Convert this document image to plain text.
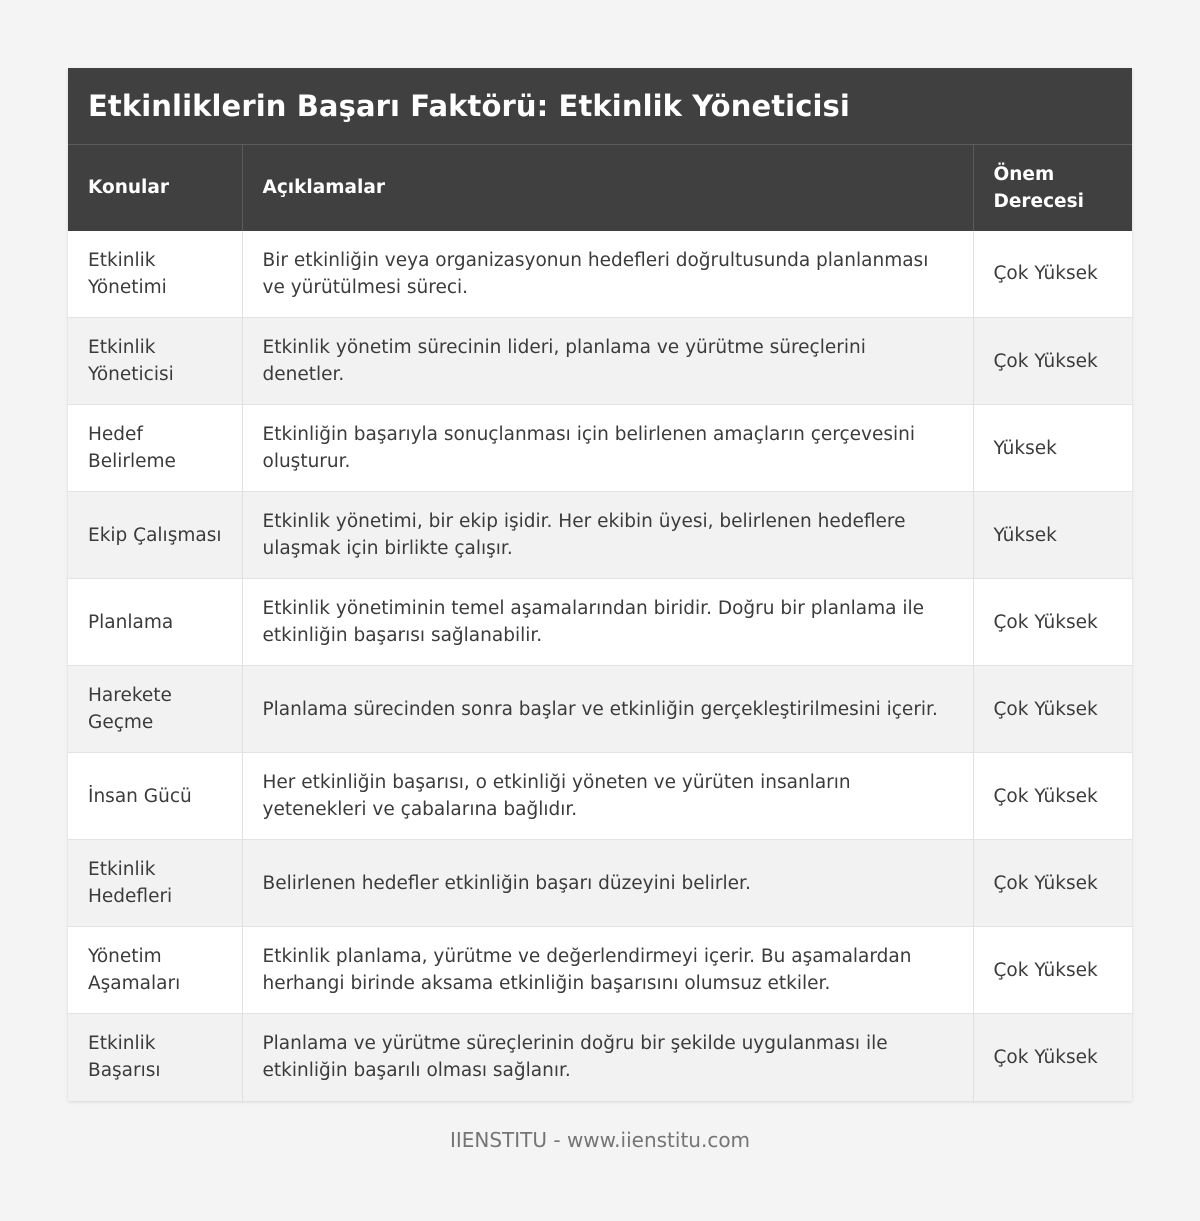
Etkinliklerin Başarı Faktörü: Etkinlik Yöneticisi
Konular	Açıklamalar	Önem Derecesi
Etkinlik Yönetimi	Bir etkinliğin veya organizasyonun hedefleri doğrultusunda planlanması ve yürütülmesi süreci.	Çok Yüksek
Etkinlik Yöneticisi	Etkinlik yönetim sürecinin lideri, planlama ve yürütme süreçlerini denetler.	Çok Yüksek
Hedef Belirleme	Etkinliğin başarıyla sonuçlanması için belirlenen amaçların çerçevesini oluşturur.	Yüksek
Ekip Çalışması	Etkinlik yönetimi, bir ekip işidir. Her ekibin üyesi, belirlenen hedeflere ulaşmak için birlikte çalışır.	Yüksek
Planlama	Etkinlik yönetiminin temel aşamalarından biridir. Doğru bir planlama ile etkinliğin başarısı sağlanabilir.	Çok Yüksek
Harekete Geçme	Planlama sürecinden sonra başlar ve etkinliğin gerçekleştirilmesini içerir.	Çok Yüksek
İnsan Gücü	Her etkinliğin başarısı, o etkinliği yöneten ve yürüten insanların yetenekleri ve çabalarına bağlıdır.	Çok Yüksek
Etkinlik Hedefleri	Belirlenen hedefler etkinliğin başarı düzeyini belirler.	Çok Yüksek
Yönetim Aşamaları	Etkinlik planlama, yürütme ve değerlendirmeyi içerir. Bu aşamalardan herhangi birinde aksama etkinliğin başarısını olumsuz etkiler.	Çok Yüksek
Etkinlik Başarısı	Planlama ve yürütme süreçlerinin doğru bir şekilde uygulanması ile etkinliğin başarılı olması sağlanır.	Çok Yüksek
IIENSTITU - www.iienstitu.com
